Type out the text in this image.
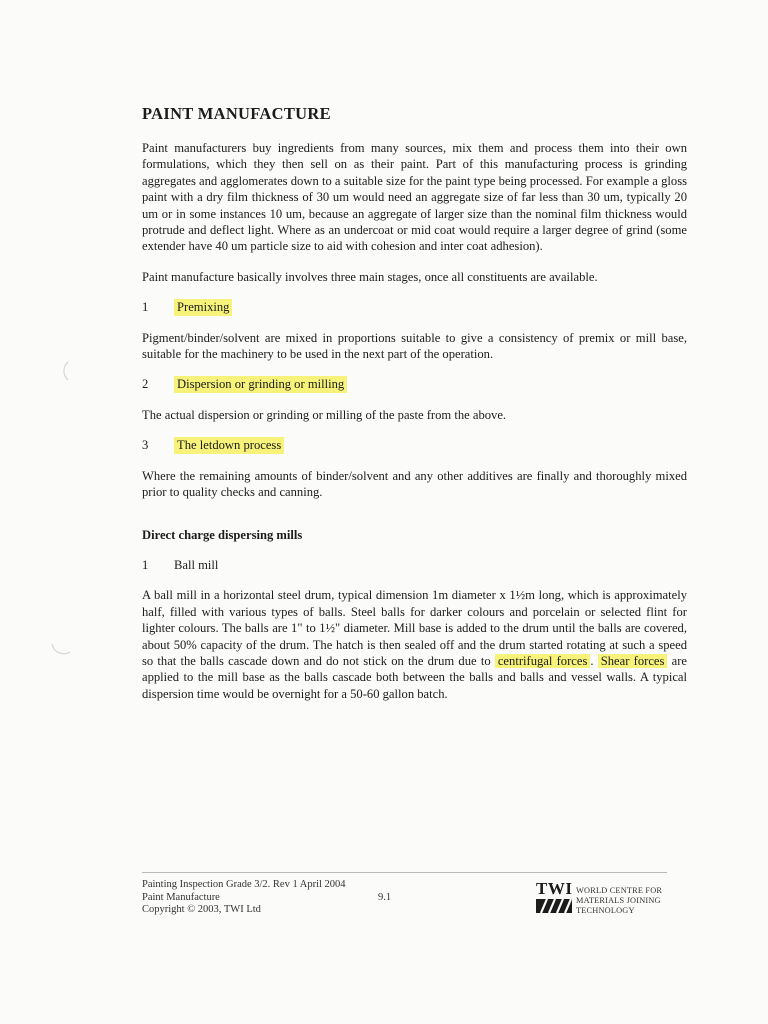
PAINT MANUFACTURE

Paint manufacturers buy ingredients from many sources, mix them and process them into their own formulations, which they then sell on as their paint. Part of this manufacturing process is grinding aggregates and agglomerates down to a suitable size for the paint type being processed. For example a gloss paint with a dry film thickness of 30 um would need an aggregate size of far less than 30 um, typically 20 um or in some instances 10 um, because an aggregate of larger size than the nominal film thickness would protrude and deflect light. Where as an undercoat or mid coat would require a larger degree of grind (some extender have 40 um particle size to aid with cohesion and inter coat adhesion).

Paint manufacture basically involves three main stages, once all constituents are available.

1	Premixing

Pigment/binder/solvent are mixed in proportions suitable to give a consistency of premix or mill base, suitable for the machinery to be used in the next part of the operation.

2	Dispersion or grinding or milling

The actual dispersion or grinding or milling of the paste from the above.

3	The letdown process

Where the remaining amounts of binder/solvent and any other additives are finally and thoroughly mixed prior to quality checks and canning.

Direct charge dispersing mills

1	Ball mill

A ball mill in a horizontal steel drum, typical dimension 1m diameter x 1½m long, which is approximately half, filled with various types of balls. Steel balls for darker colours and porcelain or selected flint for lighter colours. The balls are 1" to 1½" diameter. Mill base is added to the drum until the balls are covered, about 50% capacity of the drum. The hatch is then sealed off and the drum started rotating at such a speed so that the balls cascade down and do not stick on the drum due to centrifugal forces . Shear forces are applied to the mill base as the balls cascade both between the balls and balls and vessel walls. A typical dispersion time would be overnight for a 50-60 gallon batch.

Painting Inspection Grade 3/2. Rev 1 April 2004
Paint Manufacture
Copyright © 2003, TWI Ltd
9.1	TWI WORLD CENTRE FOR
MATERIALS JOINING
TECHNOLOGY
